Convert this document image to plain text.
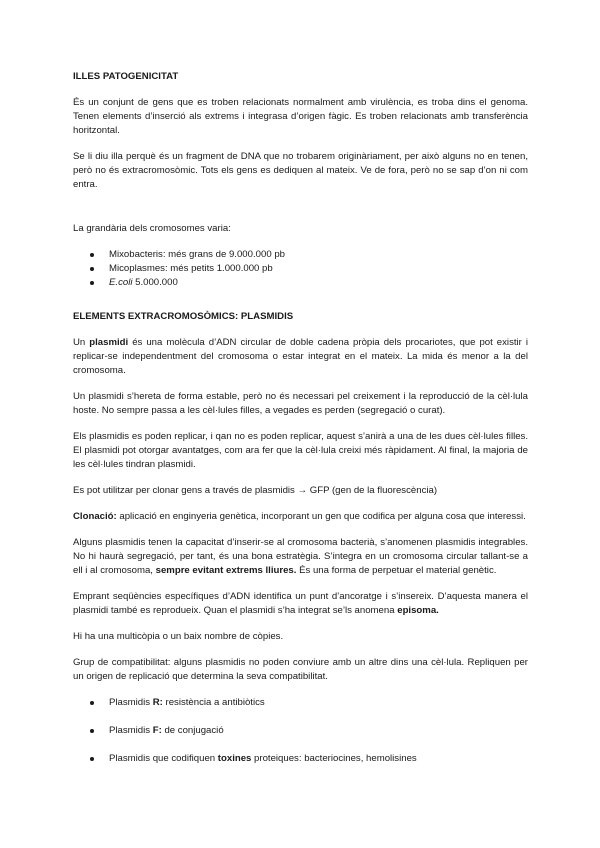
ILLES PATOGENICITAT

És un conjunt de gens que es troben relacionats normalment amb virulència, es troba dins el genoma. Tenen elements d’inserció als extrems i integrasa d’origen fàgic. Es troben relacionats amb transferència horitzontal.

Se li diu illa perquè és un fragment de DNA que no trobarem originàriament, per això alguns no en tenen, però no és extracromosòmic. Tots els gens es dediquen al mateix. Ve de fora, però no se sap d’on ni com entra.

La grandària dels cromosomes varia:

Mixobacteris: més grans de 9.000.000 pb
Micoplasmes: més petits 1.000.000 pb
E.coli 5.000.000
ELEMENTS EXTRACROMOSÒMICS: PLASMIDIS

Un plasmidi és una molècula d’ADN circular de doble cadena pròpia dels procariotes, que pot existir i replicar-se independentment del cromosoma o estar integrat en el mateix. La mida és menor a la del cromosoma.

Un plasmidi s’hereta de forma estable, però no és necessari pel creixement i la reproducció de la cèl·lula hoste. No sempre passa a les cèl·lules filles, a vegades es perden (segregació o curat).

Els plasmidis es poden replicar, i qan no es poden replicar, aquest s’anirà a una de les dues cèl·lules filles. El plasmidi pot otorgar avantatges, com ara fer que la cèl·lula creixi més ràpidament. Al final, la majoria de les cèl·lules tindran plasmidi.

Es pot utilitzar per clonar gens a través de plasmidis → GFP (gen de la fluorescència)

Clonació: aplicació en enginyeria genètica, incorporant un gen que codifica per alguna cosa que interessi.

Alguns plasmidis tenen la capacitat d’inserir-se al cromosoma bacterià, s’anomenen plasmidis integrables. No hi haurà segregació, per tant, és una bona estratègia. S’integra en un cromosoma circular tallant-se a ell i al cromosoma, sempre evitant extrems lliures. És una forma de perpetuar el material genètic.

Emprant seqüències específiques d’ADN identifica un punt d’ancoratge i s’insereix. D’aquesta manera el plasmidi també es reprodueix. Quan el plasmidi s’ha integrat se’ls anomena episoma.

Hi ha una multicòpia o un baix nombre de còpies.

Grup de compatibilitat: alguns plasmidis no poden conviure amb un altre dins una cèl·lula. Repliquen per un origen de replicació que determina la seva compatibilitat.

Plasmidis R: resistència a antibiòtics
Plasmidis F: de conjugació
Plasmidis que codifiquen toxines proteiques: bacteriocines, hemolisines
